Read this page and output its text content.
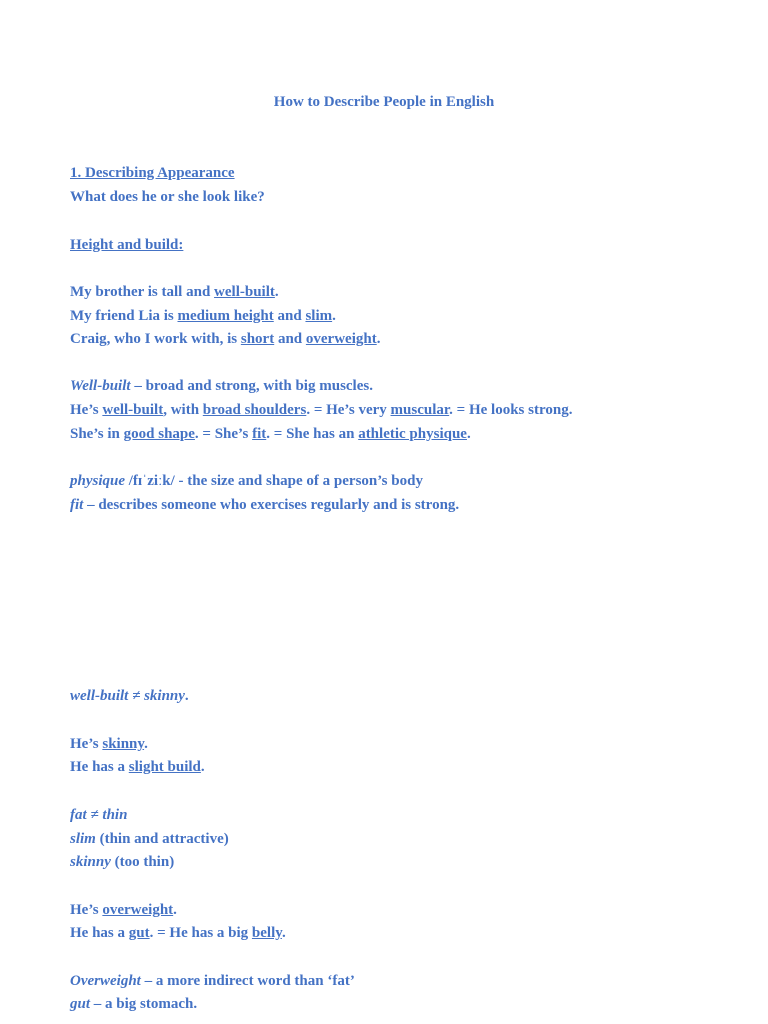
How to Describe People in English
1. Describing Appearance
What does he or she look like?
Height and build:
My brother is tall and well-built.
My friend Lia is medium height and slim.
Craig, who I work with, is short and overweight.
Well-built – broad and strong, with big muscles.
He’s well-built, with broad shoulders. = He’s very muscular. = He looks strong.
She’s in good shape. = She’s fit. = She has an athletic physique.
physique /fɪˈziːk/ - the size and shape of a person’s body
fit – describes someone who exercises regularly and is strong.
well-built ≠ skinny.
He’s skinny.
He has a slight build.
fat ≠ thin
slim (thin and attractive)
skinny (too thin)
He’s overweight.
He has a gut. = He has a big belly.
Overweight – a more indirect word than ‘fat’
gut – a big stomach.
